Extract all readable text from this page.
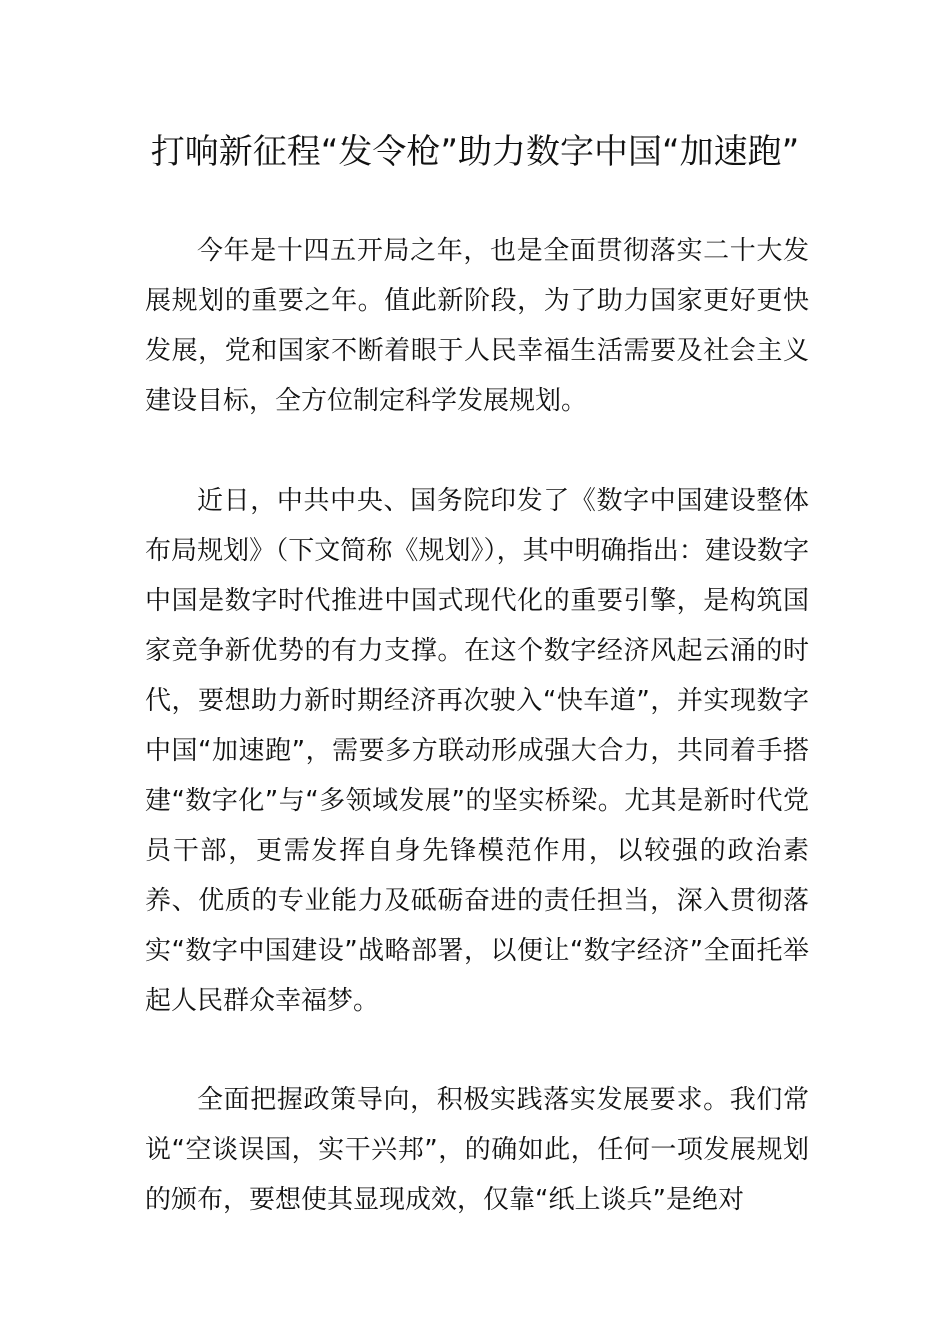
打响新征程“发令枪”助力数字中国“加速跑”

今年是十四五开局之年，也是全面贯彻落实二十大发展规划的重要之年。值此新阶段，为了助力国家更好更快发展，党和国家不断着眼于人民幸福生活需要及社会主义建设目标，全方位制定科学发展规划。

近日，中共中央、国务院印发了《数字中国建设整体布局规划》（下文简称《规划》），其中明确指出：建设数字中国是数字时代推进中国式现代化的重要引擎，是构筑国家竞争新优势的有力支撑。在这个数字经济风起云涌的时代，要想助力新时期经济再次驶入“快车道”，并实现数字中国“加速跑”，需要多方联动形成强大合力，共同着手搭建“数字化”与“多领域发展”的坚实桥梁。尤其是新时代党员干部，更需发挥自身先锋模范作用，以较强的政治素养、优质的专业能力及砥砺奋进的责任担当，深入贯彻落实“数字中国建设”战略部署，以便让“数字经济”全面托举起人民群众幸福梦。

全面把握政策导向，积极实践落实发展要求。我们常说“空谈误国，实干兴邦”，的确如此，任何一项发展规划的颁布，要想使其显现成效，仅靠“纸上谈兵”是绝对
